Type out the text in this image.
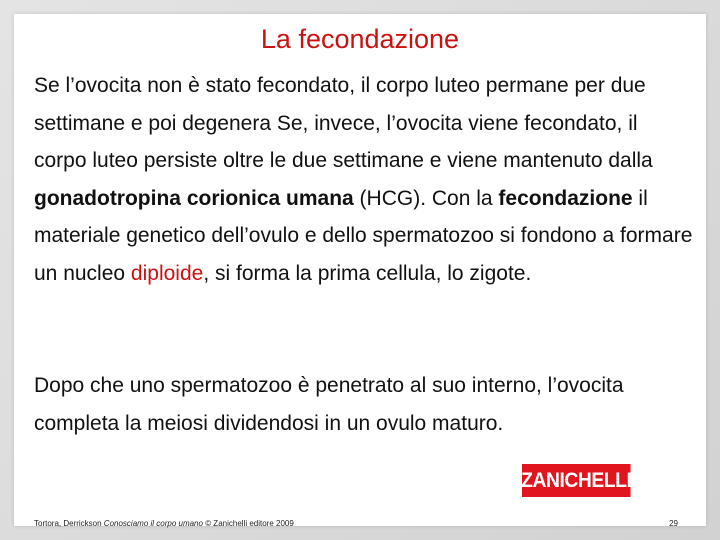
La fecondazione
Se l’ovocita non è stato fecondato, il corpo luteo permane per due settimane e poi degenera Se, invece, l’ovocita viene fecondato, il corpo luteo persiste oltre le due settimane e viene mantenuto dalla gonadotropina corionica umana (HCG). Con la fecondazione il materiale genetico dell’ovulo e dello spermatozoo si fondono a formare un nucleo diploide, si forma la prima cellula, lo zigote.
Dopo che uno spermatozoo è penetrato al suo interno, l’ovocita completa la meiosi dividendosi in un ovulo maturo.
ZANICHELLI
Tortora, Derrickson Conosciamo il corpo umano © Zanichelli editore 2009	29
